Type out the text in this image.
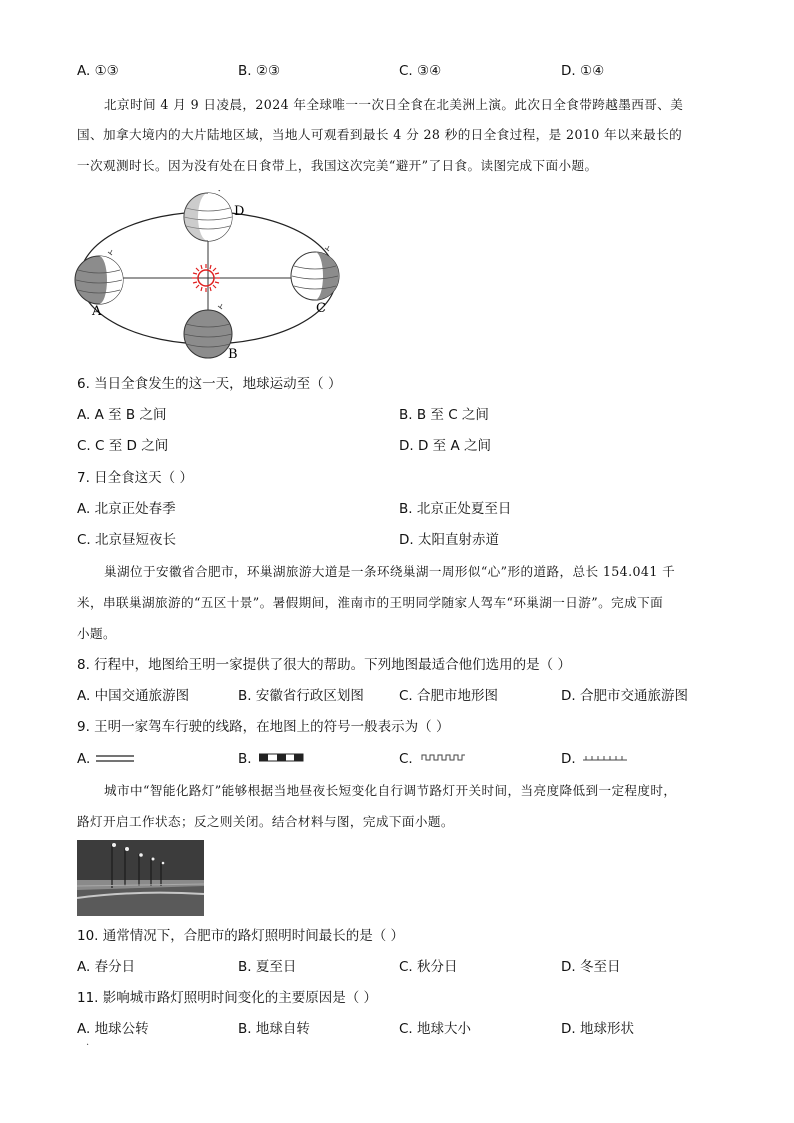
A. ①③	B. ②③	C. ③④	D. ①④
北京时间 4 月 9 日凌晨，2024 年全球唯一一次日全食在北美洲上演。此次日全食带跨越墨西哥、美
国、加拿大境内的大片陆地区域，当地人可观看到最长 4 分 28 秒的日全食过程，是 2010 年以来最长的
一次观测时长。因为没有处在日食带上，我国这次完美“避开”了日食。读图完成下面小题。
D
A	C
B
6. 当日全食发生的这一天，地球运动至（ ）
A. A 至 B 之间	B. B 至 C 之间
C. C 至 D 之间	D. D 至 A 之间
7. 日全食这天（ ）
A. 北京正处春季	B. 北京正处夏至日
C. 北京昼短夜长	D. 太阳直射赤道
巢湖位于安徽省合肥市，环巢湖旅游大道是一条环绕巢湖一周形似“心”形的道路，总长 154.041 千
米，串联巢湖旅游的“五区十景”。暑假期间，淮南市的王明同学随家人驾车“环巢湖一日游”。完成下面
小题。
8. 行程中，地图给王明一家提供了很大的帮助。下列地图最适合他们选用的是（ ）
A. 中国交通旅游图	B. 安徽省行政区划图	C. 合肥市地形图	D. 合肥市交通旅游图
9. 王明一家驾车行驶的线路，在地图上的符号一般表示为（ ）
A.	B.	C.	D.
城市中“智能化路灯”能够根据当地昼夜长短变化自行调节路灯开关时间，当亮度降低到一定程度时，
路灯开启工作状态；反之则关闭。结合材料与图，完成下面小题。
10. 通常情况下，合肥市的路灯照明时间最长的是（ ）
A. 春分日	B. 夏至日	C. 秋分日	D. 冬至日
11. 影响城市路灯照明时间变化的主要原因是（ ）
A. 地球公转	B. 地球自转	C. 地球大小	D. 地球形状
·
